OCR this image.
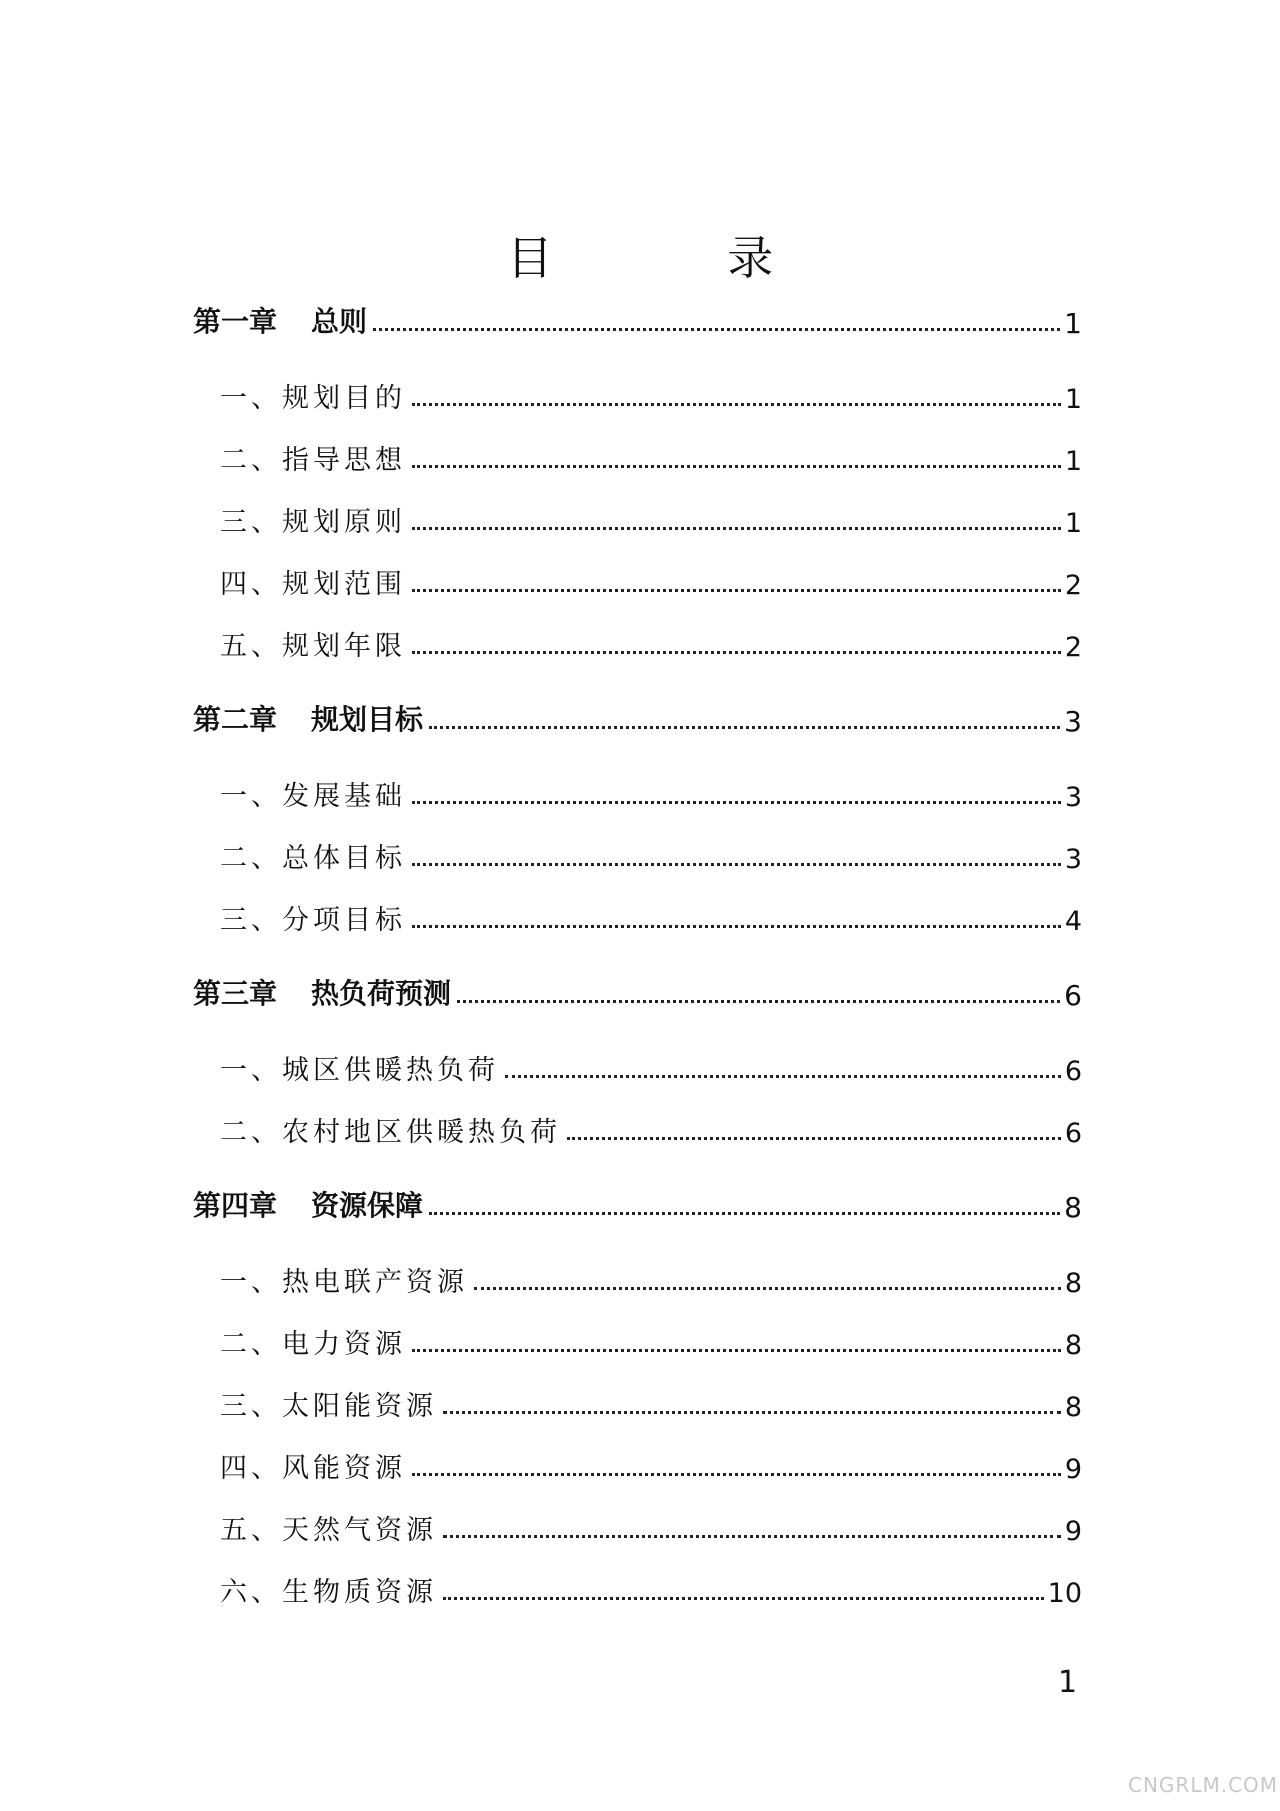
目 录
第一章 总则	1
一、规划目的	1
二、指导思想	1
三、规划原则	1
四、规划范围	2
五、规划年限	2
第二章 规划目标	3
一、发展基础	3
二、总体目标	3
三、分项目标	4
第三章 热负荷预测	6
一、城区供暖热负荷	6
二、农村地区供暖热负荷	6
第四章 资源保障	8
一、热电联产资源	8
二、电力资源	8
三、太阳能资源	8
四、风能资源	9
五、天然气资源	9
六、生物质资源	10
1
CNGRLM.COM
